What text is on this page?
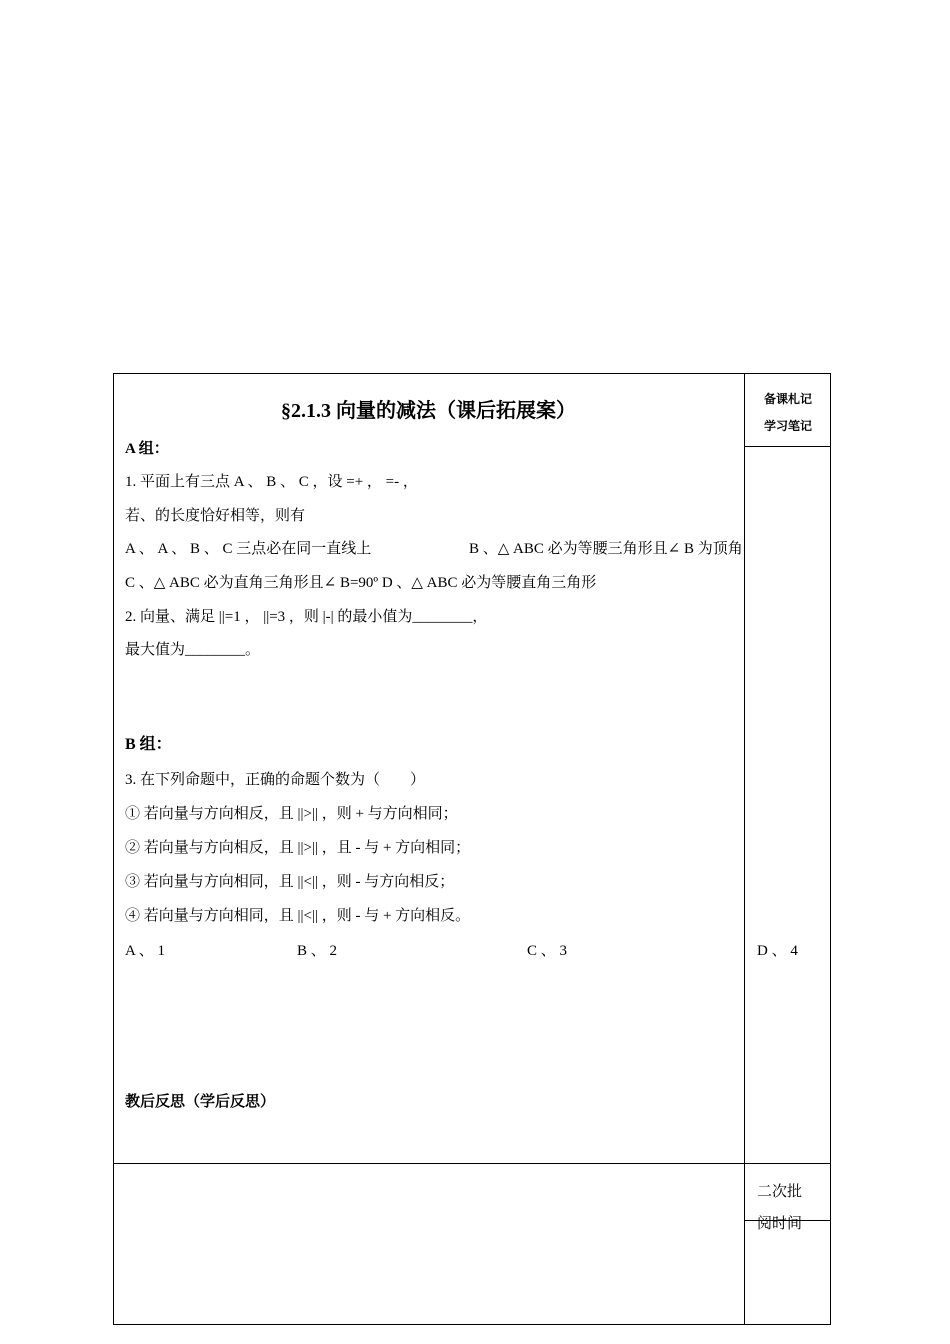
备课札记
学习笔记
二次批
阅时间
§2.1.3 向量的减法（课后拓展案）
A 组：
1. 平面上有三点 A 、 B 、 C ，设 =+ ， =- ，
若、的长度恰好相等，则有
A 、 A 、 B 、 C 三点必在同一直线上	B 、△ ABC 必为等腰三角形且∠ B 为顶角
C 、△ ABC 必为直角三角形且∠ B=90º D 、△ ABC 必为等腰直角三角形
2. 向量、满足 ||=1 ， ||=3 ，则 |-| 的最小值为________，
最大值为________。
B 组：
3. 在下列命题中，正确的命题个数为（　　）
① 若向量与方向相反，且 ||>|| ，则 + 与方向相同；
② 若向量与方向相反，且 ||>|| ，且 - 与 + 方向相同；
③ 若向量与方向相同，且 ||<|| ，则 - 与方向相反；
④ 若向量与方向相同，且 ||<|| ，则 - 与 + 方向相反。
A 、 1	B 、 2	C 、 3	D 、 4
教后反思（学后反思）
